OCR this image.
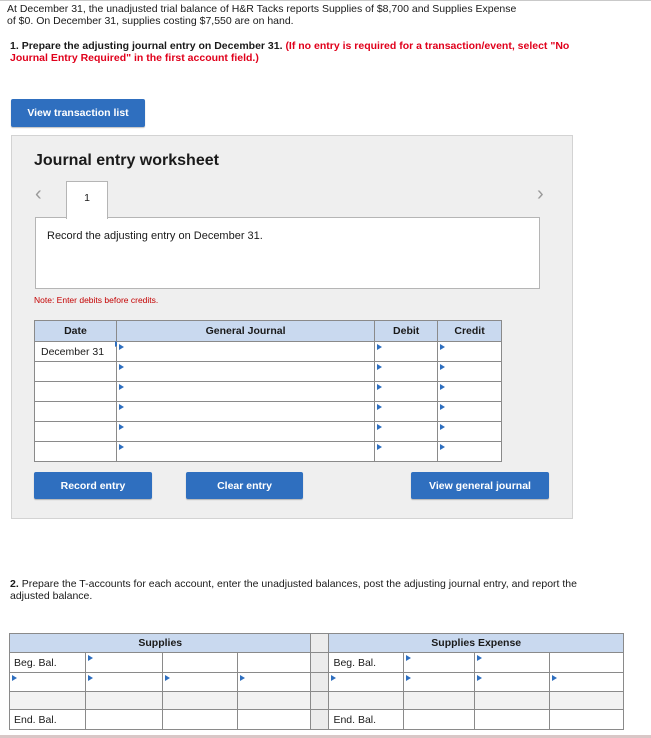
At December 31, the unadjusted trial balance of H&R Tacks reports Supplies of $8,700 and Supplies Expense of $0. On December 31, supplies costing $7,550 are on hand.
1. Prepare the adjusting journal entry on December 31. (If no entry is required for a transaction/event, select "No Journal Entry Required" in the first account field.)
View transaction list
Journal entry worksheet
‹	›
1
Record the adjusting entry on December 31.
Note: Enter debits before credits.
Date	General Journal	Debit	Credit
December 31

Record entry	Clear entry	View general journal
2. Prepare the T-accounts for each account, enter the unadjusted balances, post the adjusting journal entry, and report the adjusted balance.
Supplies					Supplies Expense			
Beg. Bal.					Beg. Bal.	

End. Bal.					End. Bal.			
